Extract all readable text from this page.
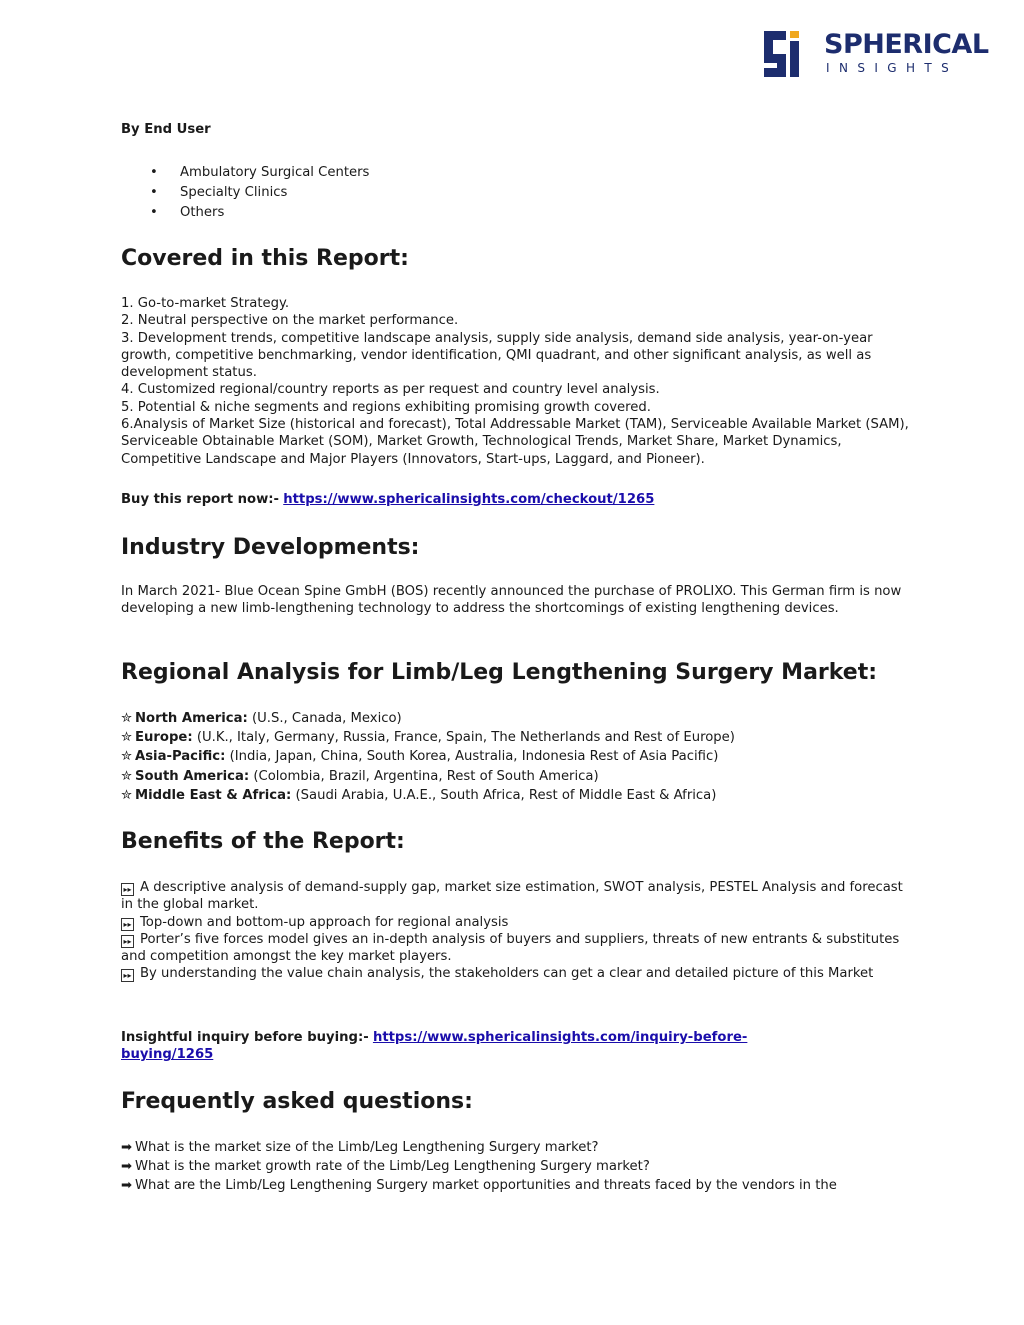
SPHERICAL
INSIGHTS

By End User

• Ambulatory Surgical Centers
• Specialty Clinics
• Others
Covered in this Report:

1. Go-to-market Strategy.

2. Neutral perspective on the market performance.

3. Development trends, competitive landscape analysis, supply side analysis, demand side analysis, year-on-year growth, competitive benchmarking, vendor identification, QMI quadrant, and other significant analysis, as well as development status.

4. Customized regional/country reports as per request and country level analysis.

5. Potential & niche segments and regions exhibiting promising growth covered.

6.Analysis of Market Size (historical and forecast), Total Addressable Market (TAM), Serviceable Available Market (SAM), Serviceable Obtainable Market (SOM), Market Growth, Technological Trends, Market Share, Market Dynamics, Competitive Landscape and Major Players (Innovators, Start-ups, Laggard, and Pioneer).

Buy this report now:- https://www.sphericalinsights.com/checkout/1265

Industry Developments:

In March 2021- Blue Ocean Spine GmbH (BOS) recently announced the purchase of PROLIXO. This German firm is now developing a new limb-lengthening technology to address the shortcomings of existing lengthening devices.

Regional Analysis for Limb/Leg Lengthening Surgery Market:

✮ North America: (U.S., Canada, Mexico)

✮ Europe: (U.K., Italy, Germany, Russia, France, Spain, The Netherlands and Rest of Europe)

✮ Asia-Pacific: (India, Japan, China, South Korea, Australia, Indonesia Rest of Asia Pacific)

✮ South America: (Colombia, Brazil, Argentina, Rest of South America)

✮ Middle East & Africa: (Saudi Arabia, U.A.E., South Africa, Rest of Middle East & Africa)

Benefits of the Report:

▸▸ A descriptive analysis of demand-supply gap, market size estimation, SWOT analysis, PESTEL Analysis and forecast in the global market.

▸▸ Top-down and bottom-up approach for regional analysis

▸▸ Porter’s five forces model gives an in-depth analysis of buyers and suppliers, threats of new entrants & substitutes and competition amongst the key market players.

▸▸ By understanding the value chain analysis, the stakeholders can get a clear and detailed picture of this Market

Insightful inquiry before buying:- https://www.sphericalinsights.com/inquiry-before-buying/1265

Frequently asked questions:

➡ What is the market size of the Limb/Leg Lengthening Surgery market?

➡ What is the market growth rate of the Limb/Leg Lengthening Surgery market?

➡ What are the Limb/Leg Lengthening Surgery market opportunities and threats faced by the vendors in the
